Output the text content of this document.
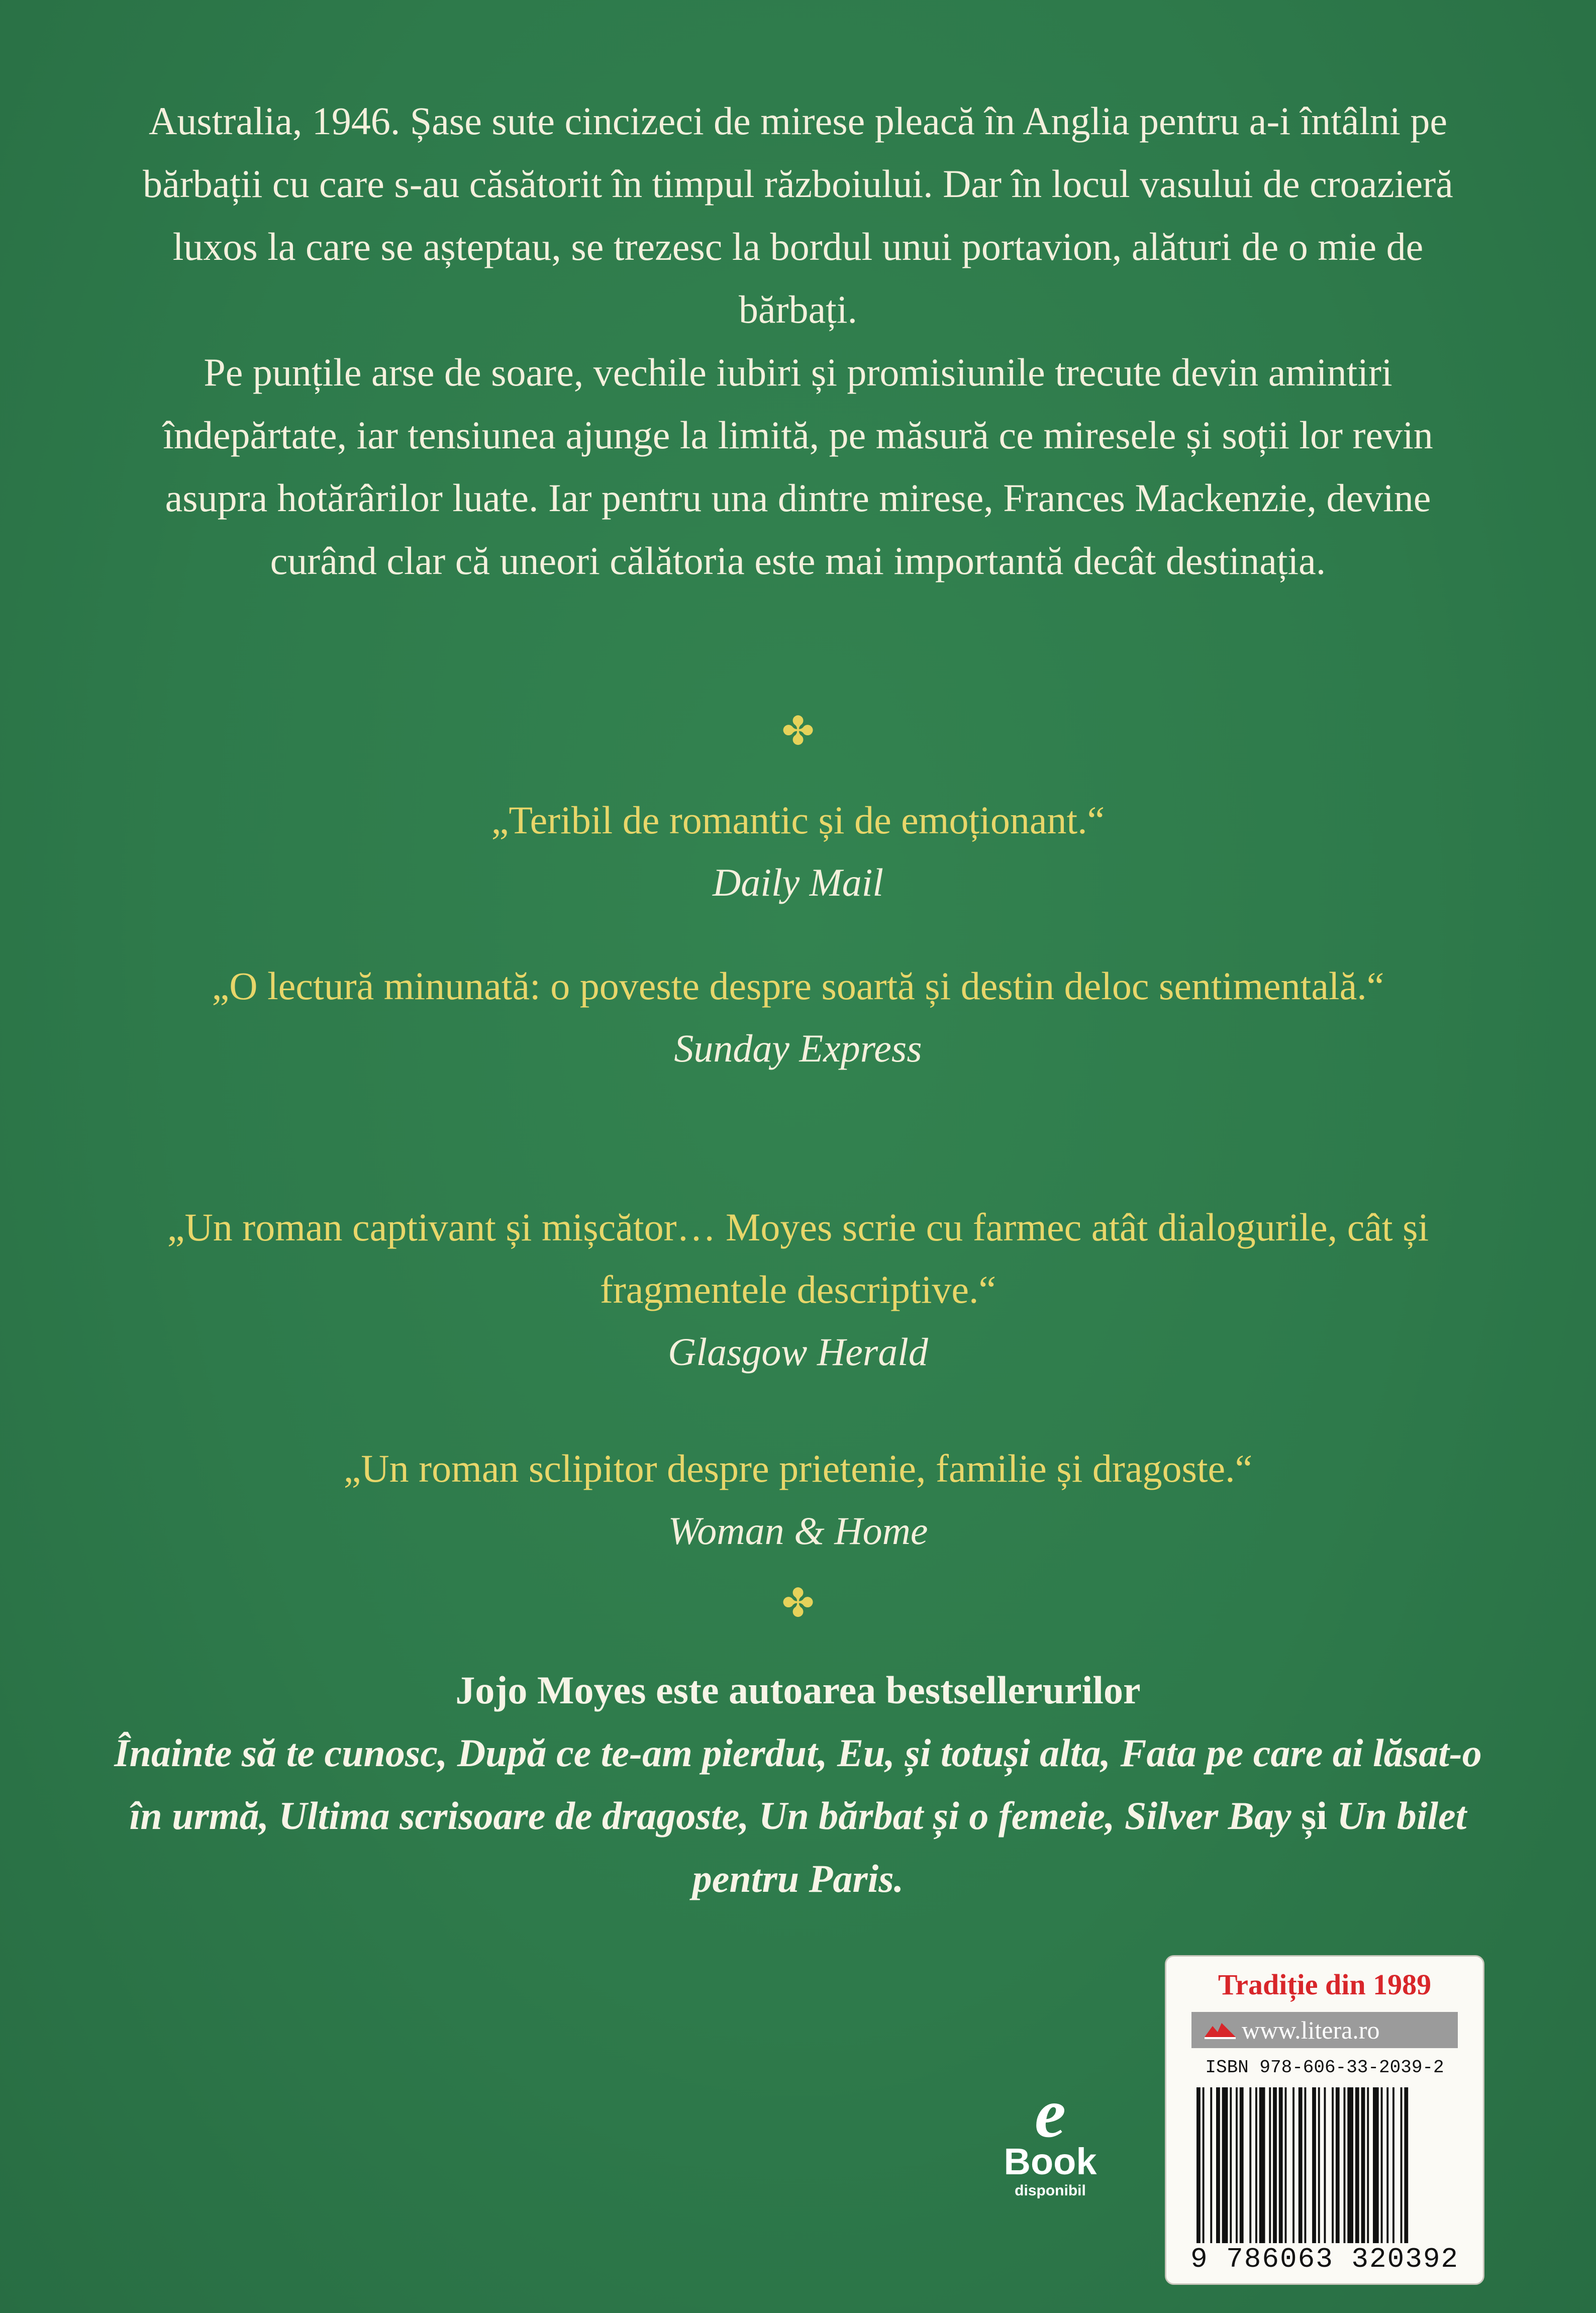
Australia, 1946. Șase sute cincizeci de mirese pleacă în Anglia pentru a-i întâlni pe bărbații cu care s-au căsătorit în timpul războiului. Dar în locul vasului de croazieră luxos la care se așteptau, se trezesc la bordul unui portavion, alături de o mie de bărbați.

Pe punțile arse de soare, vechile iubiri și promisiunile trecute devin amintiri îndepărtate, iar tensiunea ajunge la limită, pe măsură ce miresele și soții lor revin asupra hotărârilor luate. Iar pentru una dintre mirese, Frances Mackenzie, devine curând clar că uneori călătoria este mai importantă decât destinația.

✤
„Teribil de romantic și de emoționant.“
Daily Mail
„O lectură minunată: o poveste despre soartă și destin deloc sentimentală.“
Sunday Express
„Un roman captivant și mișcător… Moyes scrie cu farmec atât dialogurile, cât și fragmentele descriptive.“
Glasgow Herald
„Un roman sclipitor despre prietenie, familie și dragoste.“
Woman & Home
✤
Jojo Moyes este autoarea bestsellerurilor
Înainte să te cunosc, După ce te-am pierdut, Eu, și totuși alta, Fata pe care ai lăsat-o în urmă, Ultima scrisoare de dragoste, Un bărbat și o femeie, Silver Bay și Un bilet pentru Paris.
e
Book
disponibil
Tradiție din 1989
www.litera.ro
ISBN 978-606-33-2039-2
9 786063 320392
